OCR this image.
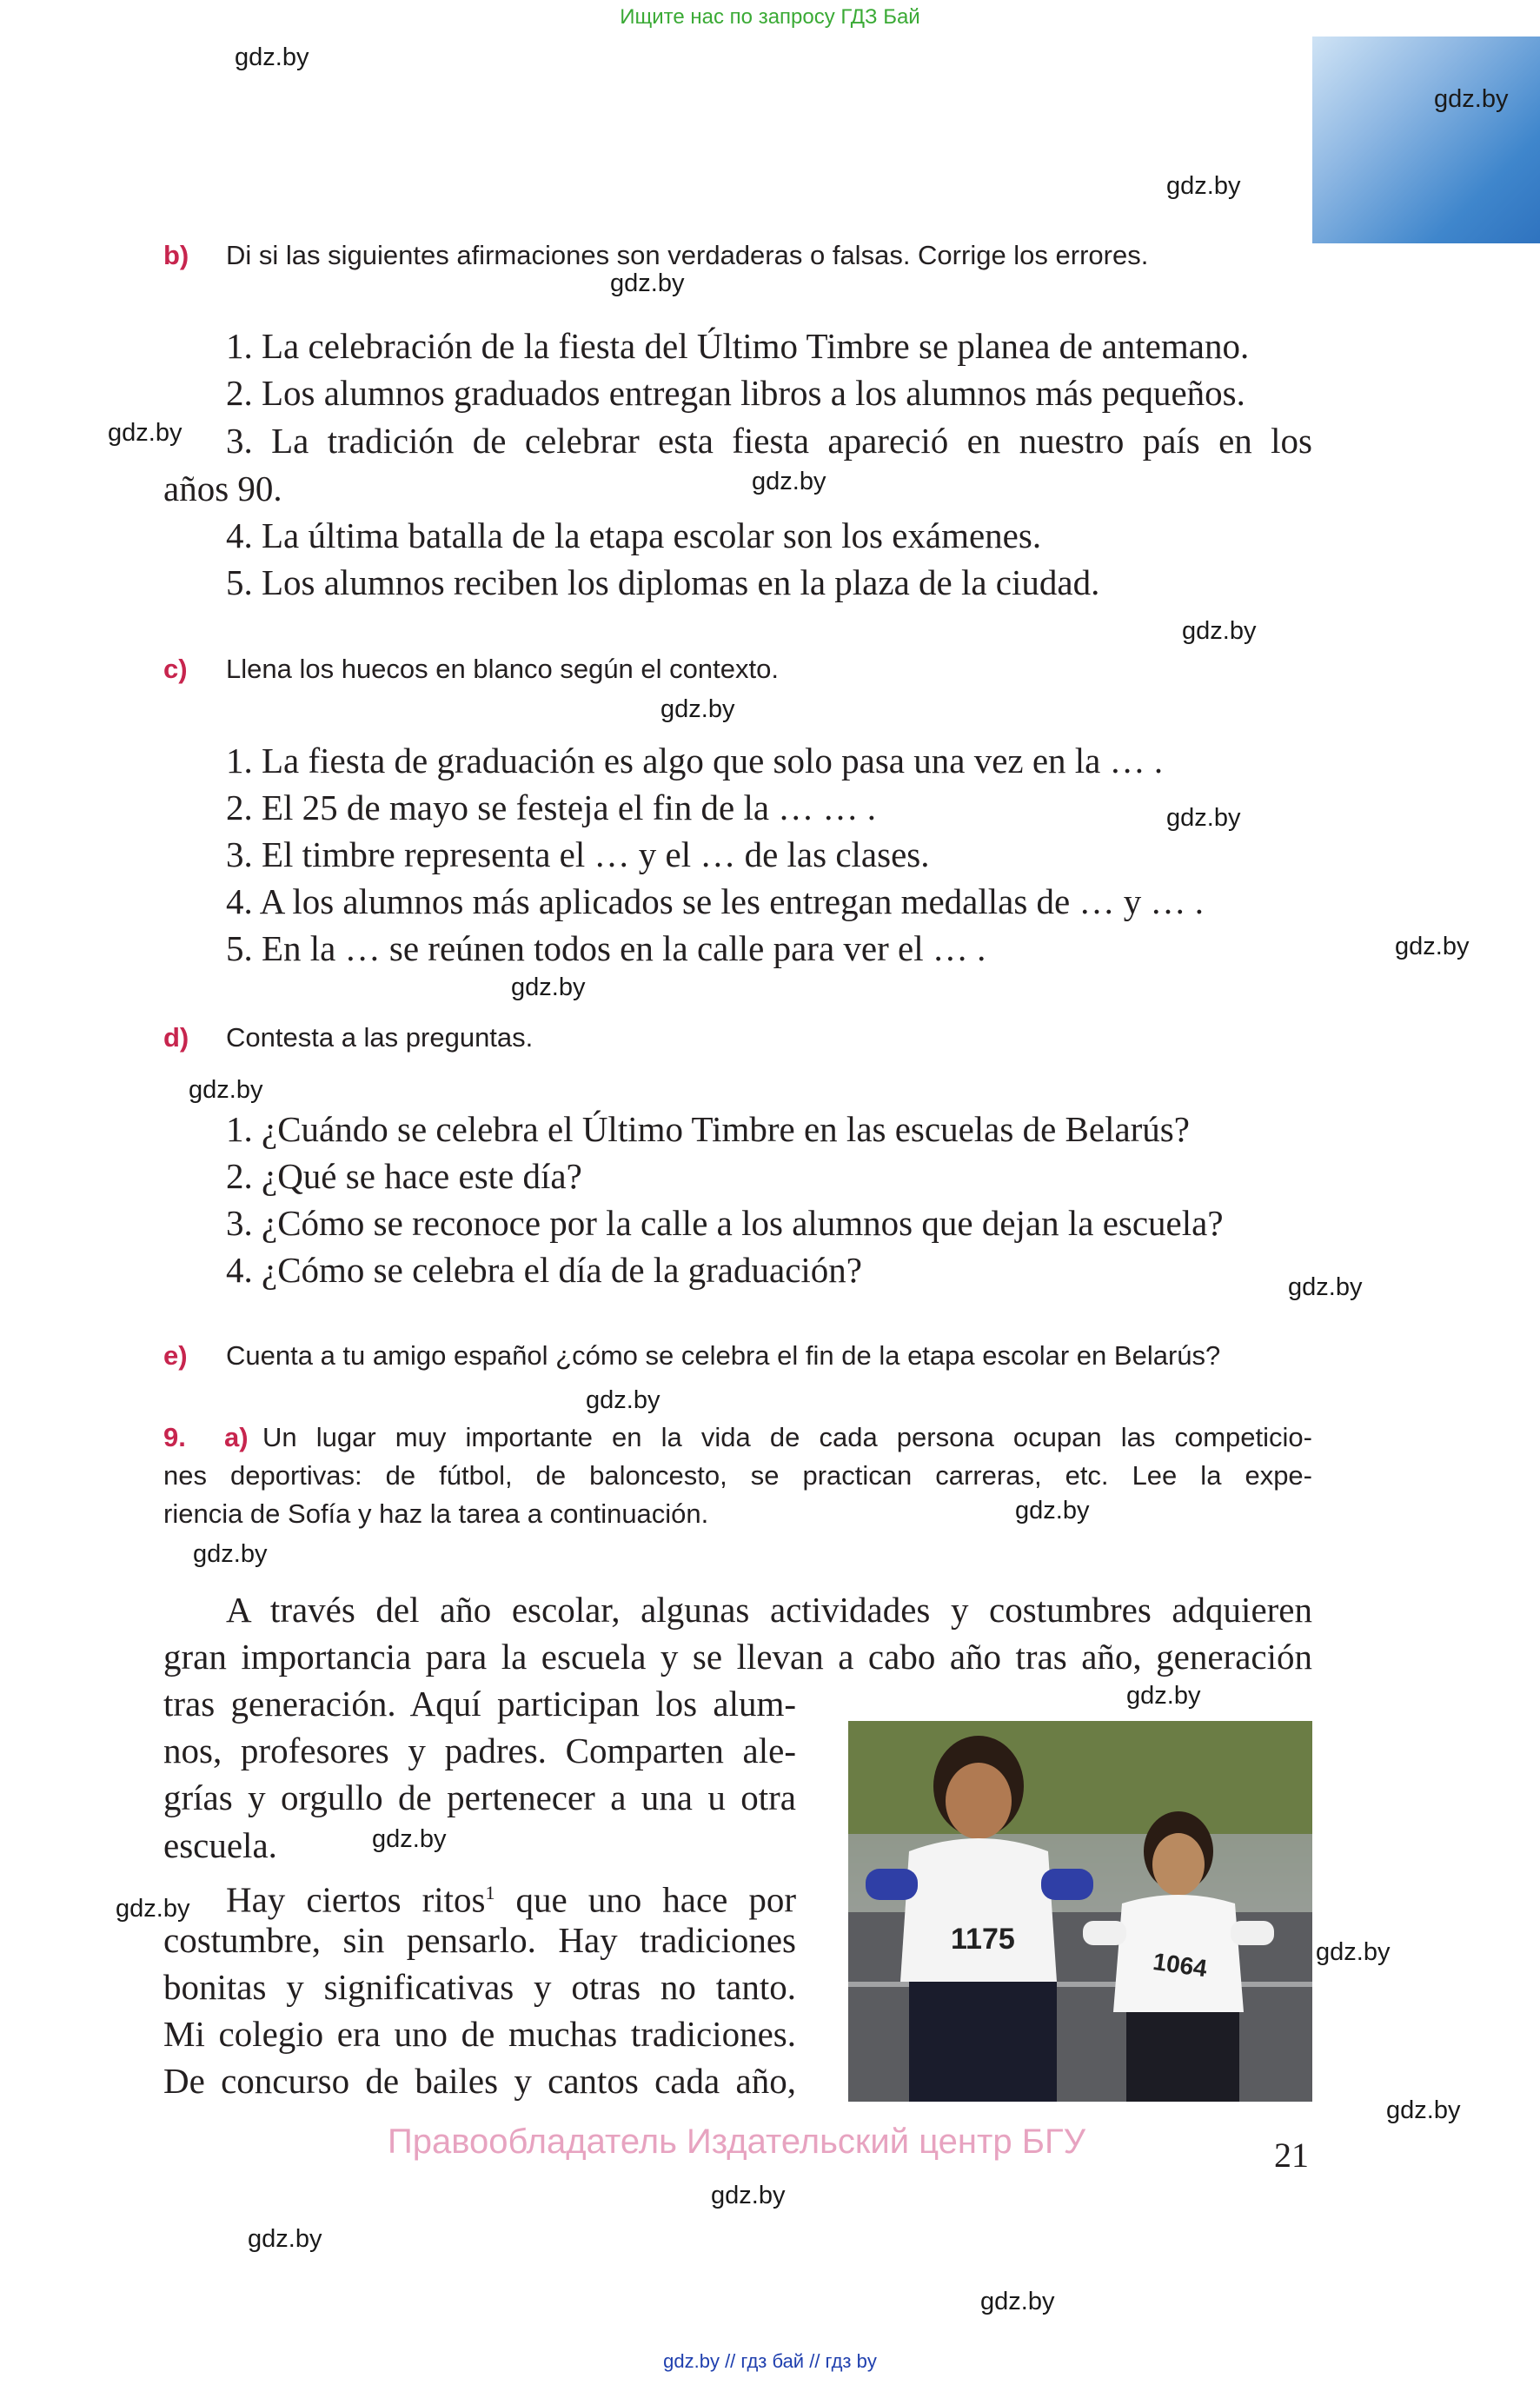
Ищите нас по запросу ГДЗ Бай
gdz.by
gdz.by
gdz.by
gdz.by
gdz.by
gdz.by
gdz.by
gdz.by
gdz.by
gdz.by
gdz.by
gdz.by
gdz.by
gdz.by
gdz.by
gdz.by
gdz.by
gdz.by
gdz.by
gdz.by
gdz.by
gdz.by
gdz.by
gdz.by
b) Di si las siguientes afirmaciones son verdaderas o falsas. Corrige los errores.
1. La celebración de la fiesta del Último Timbre se planea de antemano.
2. Los alumnos graduados entregan libros a los alumnos más pequeños.
3. La tradición de celebrar esta fiesta apareció en nuestro país en los
años 90.
4. La última batalla de la etapa escolar son los exámenes.
5. Los alumnos reciben los diplomas en la plaza de la ciudad.
c) Llena los huecos en blanco según el contexto.
1. La fiesta de graduación es algo que solo pasa una vez en la … .
2. El 25 de mayo se festeja el fin de la … … .
3. El timbre representa el … y el … de las clases.
4. A los alumnos más aplicados se les entregan medallas de … y … .
5. En la … se reúnen todos en la calle para ver el … .
d) Contesta a las preguntas.
1. ¿Cuándo se celebra el Último Timbre en las escuelas de Belarús?
2. ¿Qué se hace este día?
3. ¿Cómo se reconoce por la calle a los alumnos que dejan la escuela?
4. ¿Cómo se celebra el día de la graduación?
e) Cuenta a tu amigo español ¿cómo se celebra el fin de la etapa escolar en Belarús?
9. a) Un lugar muy importante en la vida de cada persona ocupan las competicio-
nes deportivas: de fútbol, de baloncesto, se practican carreras, etc. Lee la expe-
riencia de Sofía y haz la tarea a continuación.
A través del año escolar, algunas actividades y costumbres adquieren
gran importancia para la escuela y se llevan a cabo año tras año, generación
tras generación. Aquí participan los alum-
nos, profesores y padres. Comparten ale-
grías y orgullo de pertenecer a una u otra
escuela.
Hay ciertos ritos$^1$ que uno hace por
costumbre, sin pensarlo. Hay tradiciones
bonitas y significativas y otras no tanto.
Mi colegio era uno de muchas tradiciones.
De concurso de bailes y cantos cada año,
1175
1064
Правообладатель Издательский центр БГУ	21
gdz.by // гдз бай // гдз by
